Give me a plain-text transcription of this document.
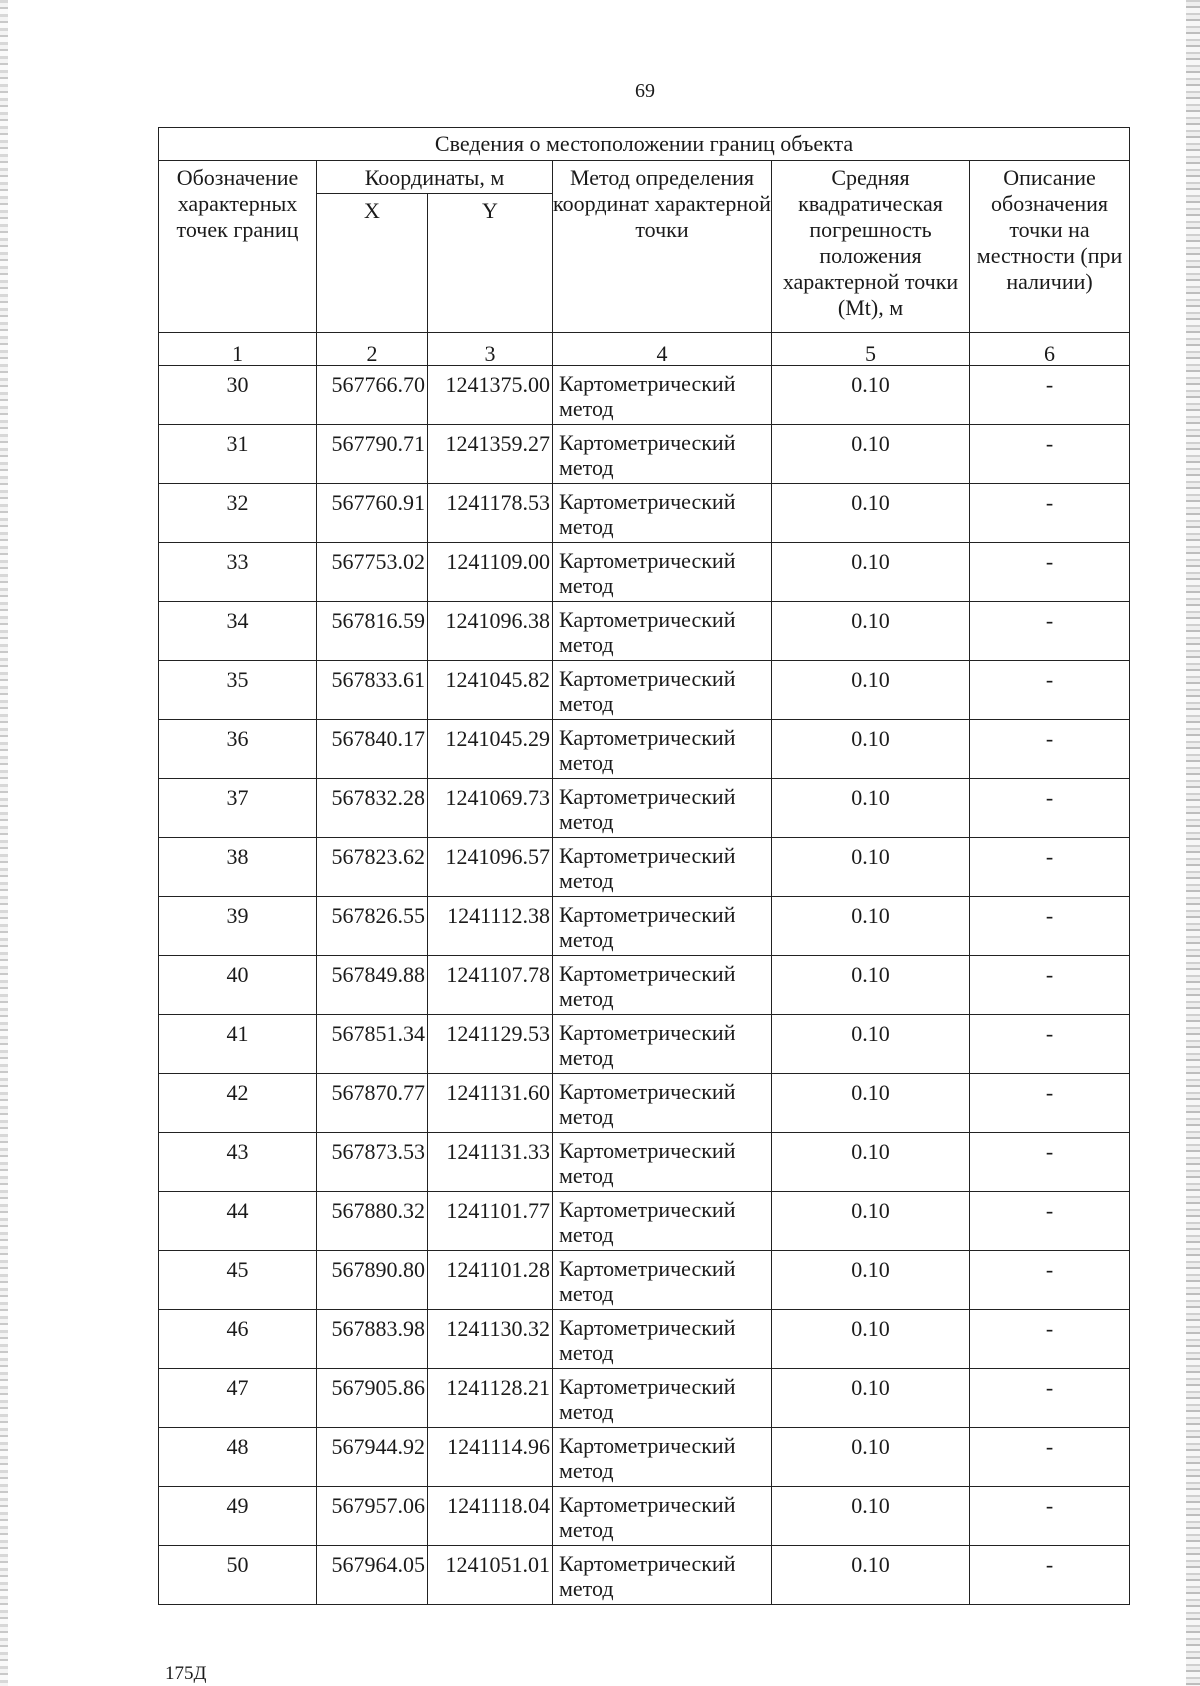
69
Сведения о местоположении границ объекта					
Обозначение характерных точек границ	Координаты, м		Метод определения координат характерной точки	Средняя квадратическая погрешность положения характерной точки (Mt), м	Описание обозначения точки на местности (при наличии)
	X	Y			

1	2	3	4	5	6

30	567766.70	1241375.00	Картометрический метод	0.10	-

31	567790.71	1241359.27	Картометрический метод	0.10	-

32	567760.91	1241178.53	Картометрический метод	0.10	-

33	567753.02	1241109.00	Картометрический метод	0.10	-

34	567816.59	1241096.38	Картометрический метод	0.10	-

35	567833.61	1241045.82	Картометрический метод	0.10	-

36	567840.17	1241045.29	Картометрический метод	0.10	-

37	567832.28	1241069.73	Картометрический метод	0.10	-

38	567823.62	1241096.57	Картометрический метод	0.10	-

39	567826.55	1241112.38	Картометрический метод	0.10	-

40	567849.88	1241107.78	Картометрический метод	0.10	-

41	567851.34	1241129.53	Картометрический метод	0.10	-

42	567870.77	1241131.60	Картометрический метод	0.10	-

43	567873.53	1241131.33	Картометрический метод	0.10	-

44	567880.32	1241101.77	Картометрический метод	0.10	-

45	567890.80	1241101.28	Картометрический метод	0.10	-

46	567883.98	1241130.32	Картометрический метод	0.10	-

47	567905.86	1241128.21	Картометрический метод	0.10	-

48	567944.92	1241114.96	Картометрический метод	0.10	-

49	567957.06	1241118.04	Картометрический метод	0.10	-

50	567964.05	1241051.01	Картометрический метод	0.10	-
175Д
